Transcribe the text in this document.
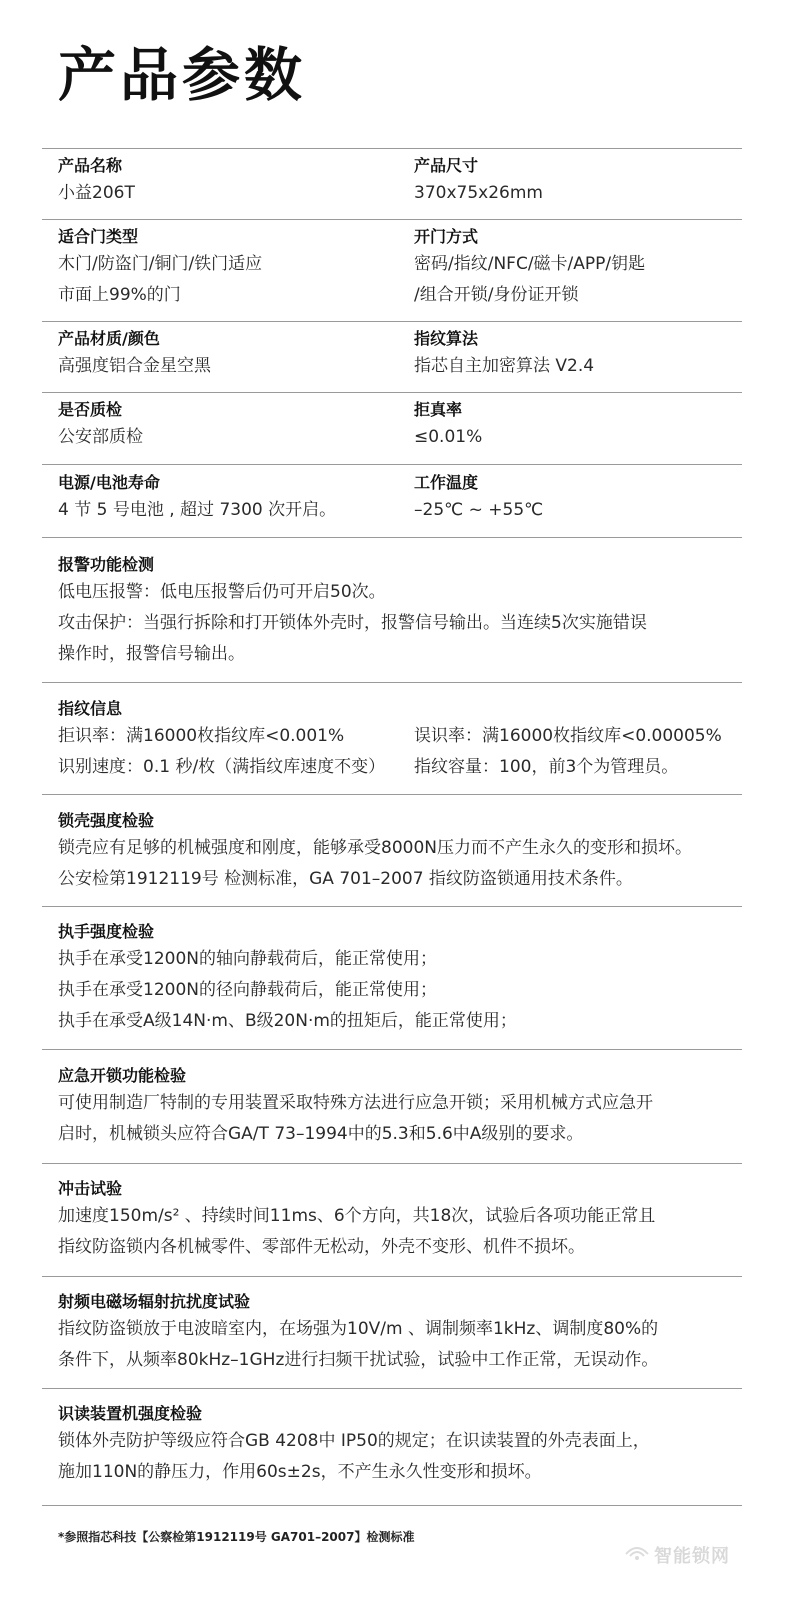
产品参数
产品名称
小益206T
产品尺寸
370x75x26mm
适合门类型
木门/防盗门/铜门/铁门适应
市面上99%的门
开门方式
密码/指纹/NFC/磁卡/APP/钥匙
/组合开锁/身份证开锁
产品材质/颜色
高强度铝合金星空黑
指纹算法
指芯自主加密算法 V2.4
是否质检
公安部质检
拒真率
≤0.01%
电源/电池寿命
4 节 5 号电池 , 超过 7300 次开启。
工作温度
–25℃ ~ +55℃
报警功能检测
低电压报警：低电压报警后仍可开启50次。
攻击保护：当强行拆除和打开锁体外壳时，报警信号输出。当连续5次实施错误
操作时，报警信号输出。
指纹信息
拒识率：满16000枚指纹库<0.001%	误识率：满16000枚指纹库<0.00005%
识别速度：0.1 秒/枚（满指纹库速度不变） 指纹容量：100，前3个为管理员。
锁壳强度检验
锁壳应有足够的机械强度和刚度，能够承受8000N压力而不产生永久的变形和损坏。
公安检第1912119号 检测标准，GA 701–2007 指纹防盗锁通用技术条件。
执手强度检验
执手在承受1200N的轴向静载荷后，能正常使用；
执手在承受1200N的径向静载荷后，能正常使用；
执手在承受A级14N·m、B级20N·m的扭矩后，能正常使用；
应急开锁功能检验
可使用制造厂特制的专用装置采取特殊方法进行应急开锁；采用机械方式应急开
启时，机械锁头应符合GA/T 73–1994中的5.3和5.6中A级别的要求。
冲击试验
加速度150m/s² 、持续时间11ms、6个方向，共18次，试验后各项功能正常且
指纹防盗锁内各机械零件、零部件无松动，外壳不变形、机件不损坏。
射频电磁场辐射抗扰度试验
指纹防盗锁放于电波暗室内，在场强为10V/m 、调制频率1kHz、调制度80%的
条件下，从频率80kHz–1GHz进行扫频干扰试验，试验中工作正常，无误动作。
识读装置机强度检验
锁体外壳防护等级应符合GB 4208中 IP50的规定；在识读装置的外壳表面上，
施加110N的静压力，作用60s±2s，不产生永久性变形和损坏。
*参照指芯科技【公察检第1912119号 GA701–2007】检测标准
智能锁网
